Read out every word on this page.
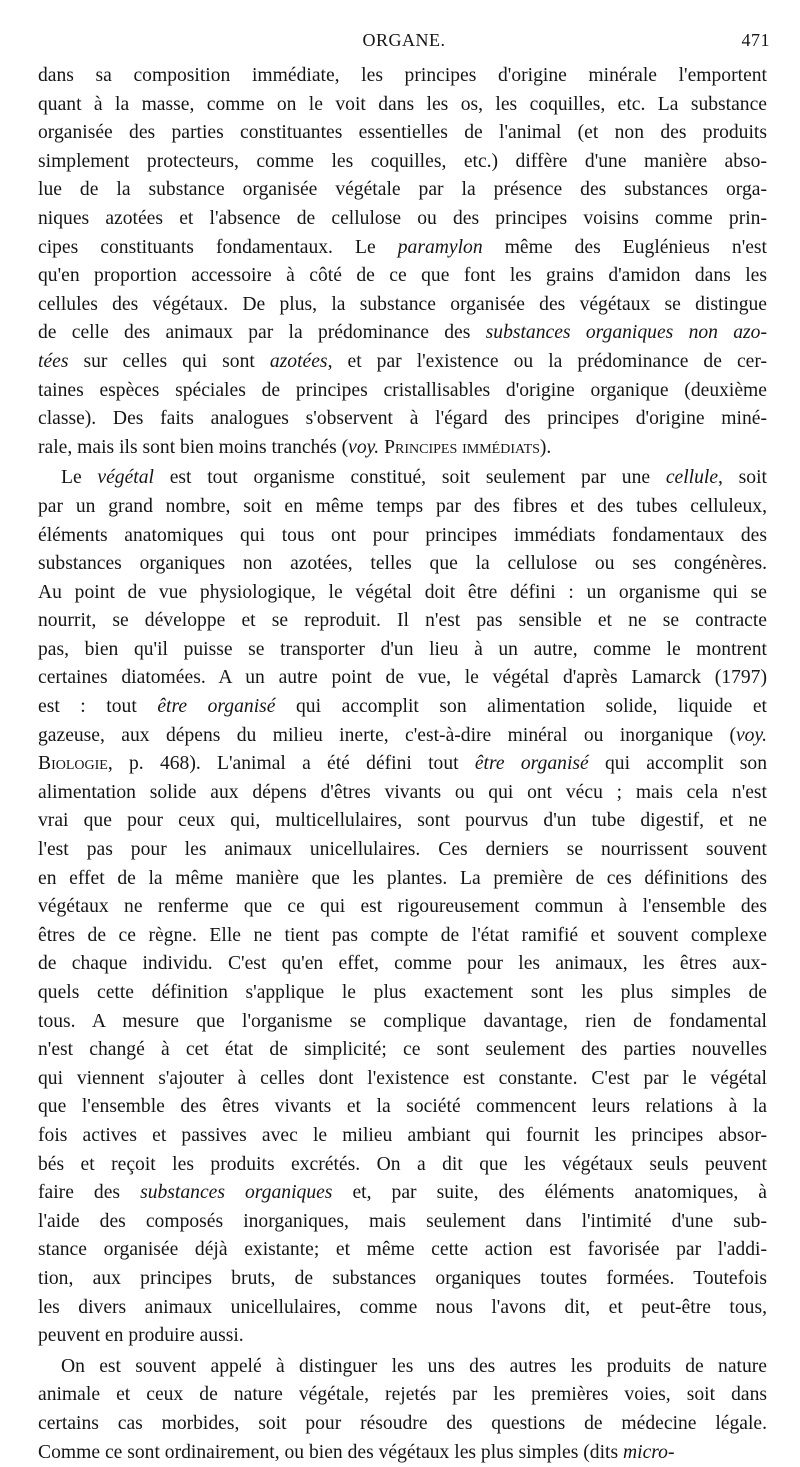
ORGANE.	471
dans sa composition immédiate, les principes d'origine minérale l'emportent
quant à la masse, comme on le voit dans les os, les coquilles, etc. La substance
organisée des parties constituantes essentielles de l'animal (et non des produits
simplement protecteurs, comme les coquilles, etc.) diffère d'une manière abso-
lue de la substance organisée végétale par la présence des substances orga-
niques azotées et l'absence de cellulose ou des principes voisins comme prin-
cipes constituants fondamentaux. Le paramylon même des Euglénieus n'est
qu'en proportion accessoire à côté de ce que font les grains d'amidon dans les
cellules des végétaux. De plus, la substance organisée des végétaux se distingue
de celle des animaux par la prédominance des substances organiques non azo-
tées sur celles qui sont azotées, et par l'existence ou la prédominance de cer-
taines espèces spéciales de principes cristallisables d'origine organique (deuxième
classe). Des faits analogues s'observent à l'égard des principes d'origine miné-
rale, mais ils sont bien moins tranchés (voy. Principes immédiats).
Le végétal est tout organisme constitué, soit seulement par une cellule, soit
par un grand nombre, soit en même temps par des fibres et des tubes celluleux,
éléments anatomiques qui tous ont pour principes immédiats fondamentaux des
substances organiques non azotées, telles que la cellulose ou ses congénères.
Au point de vue physiologique, le végétal doit être défini : un organisme qui se
nourrit, se développe et se reproduit. Il n'est pas sensible et ne se contracte
pas, bien qu'il puisse se transporter d'un lieu à un autre, comme le montrent
certaines diatomées. A un autre point de vue, le végétal d'après Lamarck (1797)
est : tout être organisé qui accomplit son alimentation solide, liquide et
gazeuse, aux dépens du milieu inerte, c'est-à-dire minéral ou inorganique (voy.
Biologie, p. 468). L'animal a été défini tout être organisé qui accomplit son
alimentation solide aux dépens d'êtres vivants ou qui ont vécu ; mais cela n'est
vrai que pour ceux qui, multicellulaires, sont pourvus d'un tube digestif, et ne
l'est pas pour les animaux unicellulaires. Ces derniers se nourrissent souvent
en effet de la même manière que les plantes. La première de ces définitions des
végétaux ne renferme que ce qui est rigoureusement commun à l'ensemble des
êtres de ce règne. Elle ne tient pas compte de l'état ramifié et souvent complexe
de chaque individu. C'est qu'en effet, comme pour les animaux, les êtres aux-
quels cette définition s'applique le plus exactement sont les plus simples de
tous. A mesure que l'organisme se complique davantage, rien de fondamental
n'est changé à cet état de simplicité; ce sont seulement des parties nouvelles
qui viennent s'ajouter à celles dont l'existence est constante. C'est par le végétal
que l'ensemble des êtres vivants et la société commencent leurs relations à la
fois actives et passives avec le milieu ambiant qui fournit les principes absor-
bés et reçoit les produits excrétés. On a dit que les végétaux seuls peuvent
faire des substances organiques et, par suite, des éléments anatomiques, à
l'aide des composés inorganiques, mais seulement dans l'intimité d'une sub-
stance organisée déjà existante; et même cette action est favorisée par l'addi-
tion, aux principes bruts, de substances organiques toutes formées. Toutefois
les divers animaux unicellulaires, comme nous l'avons dit, et peut-être tous,
peuvent en produire aussi.
On est souvent appelé à distinguer les uns des autres les produits de nature
animale et ceux de nature végétale, rejetés par les premières voies, soit dans
certains cas morbides, soit pour résoudre des questions de médecine légale.
Comme ce sont ordinairement, ou bien des végétaux les plus simples (dits micro-
